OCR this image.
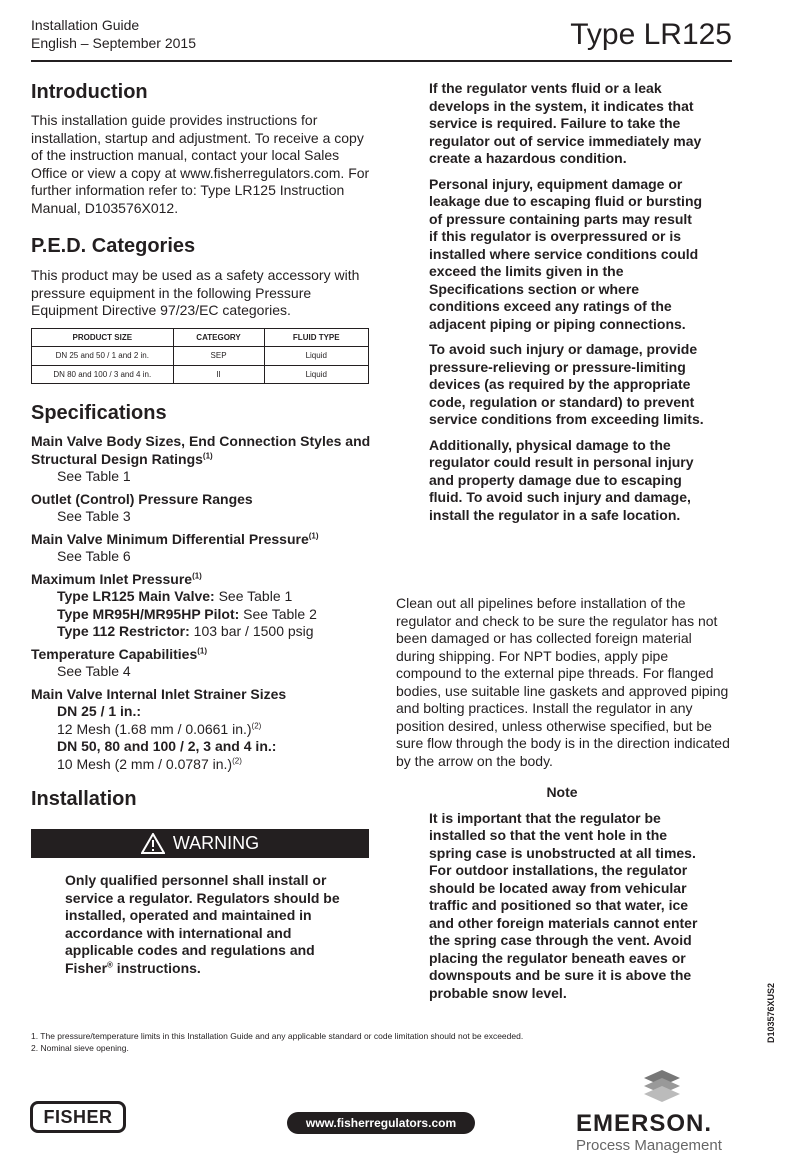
Installation Guide
English – September 2015	Type LR125
Introduction

This installation guide provides instructions for installation, startup and adjustment. To receive a copy of the instruction manual, contact your local Sales Office or view a copy at www.fisherregulators.com. For further information refer to: Type LR125 Instruction Manual, D103576X012.

P.E.D. Categories

This product may be used as a safety accessory with pressure equipment in the following Pressure Equipment Directive 97/23/EC categories.

PRODUCT SIZE	CATEGORY	FLUID TYPE
DN 25 and 50 / 1 and 2 in.	SEP	Liquid
DN 80 and 100 / 3 and 4 in.	II	Liquid
Specifications
Main Valve Body Sizes, End Connection Styles and Structural Design Ratings$^{(1)}$
See Table 1
Outlet (Control) Pressure Ranges
See Table 3
Main Valve Minimum Differential Pressure$^{(1)}$
See Table 6
Maximum Inlet Pressure$^{(1)}$
Type LR125 Main Valve: See Table 1
Type MR95H/MR95HP Pilot: See Table 2
Type 112 Restrictor: 103 bar / 1500 psig
Temperature Capabilities$^{(1)}$
See Table 4
Main Valve Internal Inlet Strainer Sizes
DN 25 / 1 in.:
12 Mesh (1.68 mm / 0.0661 in.)$^{(2)}$
DN 50, 80 and 100 / 2, 3 and 4 in.:
10 Mesh (2 mm / 0.0787 in.)$^{(2)}$
Installation
WARNING

Only qualified personnel shall install or service a regulator. Regulators should be installed, operated and maintained in accordance with international and applicable codes and regulations and Fisher® instructions.

If the regulator vents fluid or a leak develops in the system, it indicates that service is required. Failure to take the regulator out of service immediately may create a hazardous condition.

Personal injury, equipment damage or leakage due to escaping fluid or bursting of pressure containing parts may result if this regulator is overpressured or is installed where service conditions could exceed the limits given in the Specifications section or where conditions exceed any ratings of the adjacent piping or piping connections.

To avoid such injury or damage, provide pressure-relieving or pressure-limiting devices (as required by the appropriate code, regulation or standard) to prevent service conditions from exceeding limits.

Additionally, physical damage to the regulator could result in personal injury and property damage due to escaping fluid. To avoid such injury and damage, install the regulator in a safe location.

Clean out all pipelines before installation of the regulator and check to be sure the regulator has not been damaged or has collected foreign material during shipping. For NPT bodies, apply pipe compound to the external pipe threads. For flanged bodies, use suitable line gaskets and approved piping and bolting practices. Install the regulator in any position desired, unless otherwise specified, but be sure flow through the body is in the direction indicated by the arrow on the body.

Note

It is important that the regulator be installed so that the vent hole in the spring case is unobstructed at all times. For outdoor installations, the regulator should be located away from vehicular traffic and positioned so that water, ice and other foreign materials cannot enter the spring case through the vent. Avoid placing the regulator beneath eaves or downspouts and be sure it is above the probable snow level.

1. The pressure/temperature limits in this Installation Guide and any applicable standard or code limitation should not be exceeded.
2. Nominal sieve opening.
D103576XUS2
FISHER	www.fisherregulators.com	EMERSON.
Process Management
